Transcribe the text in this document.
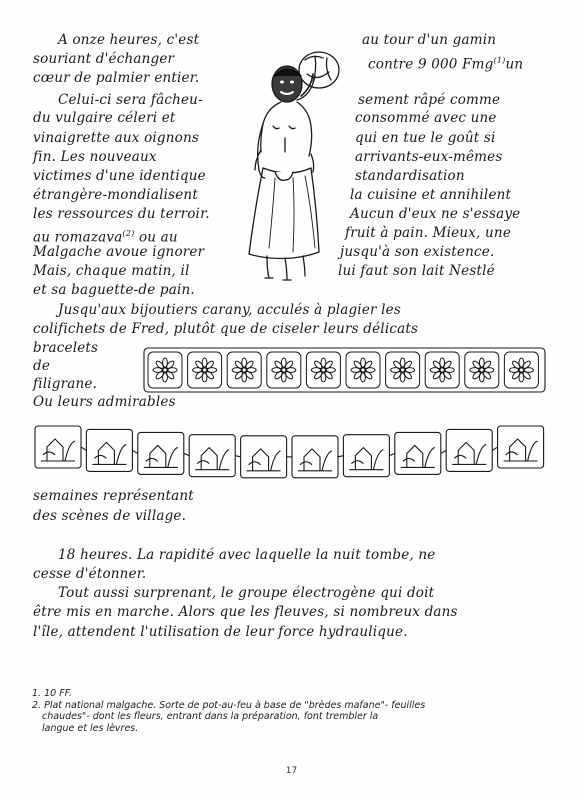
A onze heures, c'est
souriant d'échanger
cœur de palmier entier.
Celui-ci sera fâcheu-
du vulgaire céleri et
vinaigrette aux oignons
fin. Les nouveaux
victimes d'une identique
étrangère-mondialisent
les ressources du terroir.
au romazava$^{(2)}$ ou au
Malgache avoue ignorer
Mais, chaque matin, il
et sa baguette-de pain.
au tour d'un gamin
contre 9 000 Fmg$^{(1)}$un
sement râpé comme
consommé avec une
qui en tue le goût si
arrivants-eux-mêmes
standardisation
la cuisine et annihilent
Aucun d'eux ne s'essaye
fruit à pain. Mieux, une
jusqu'à son existence.
lui faut son lait Nestlé
Jusqu'aux bijoutiers carany, acculés à plagier les
colifichets de Fred, plutôt que de ciseler leurs délicats
bracelets
de
filigrane.
Ou leurs admirables
semaines représentant
des scènes de village.
18 heures. La rapidité avec laquelle la nuit tombe, ne
cesse d'étonner.
Tout aussi surprenant, le groupe électrogène qui doit
être mis en marche. Alors que les fleuves, si nombreux dans
l'île, attendent l'utilisation de leur force hydraulique.
1. 10 FF.
2. Plat national malgache. Sorte de pot-au-feu à base de "brèdes mafane"- feuilles
chaudes"- dont les fleurs, entrant dans la préparation, font trembler la
langue et les lèvres.
17
